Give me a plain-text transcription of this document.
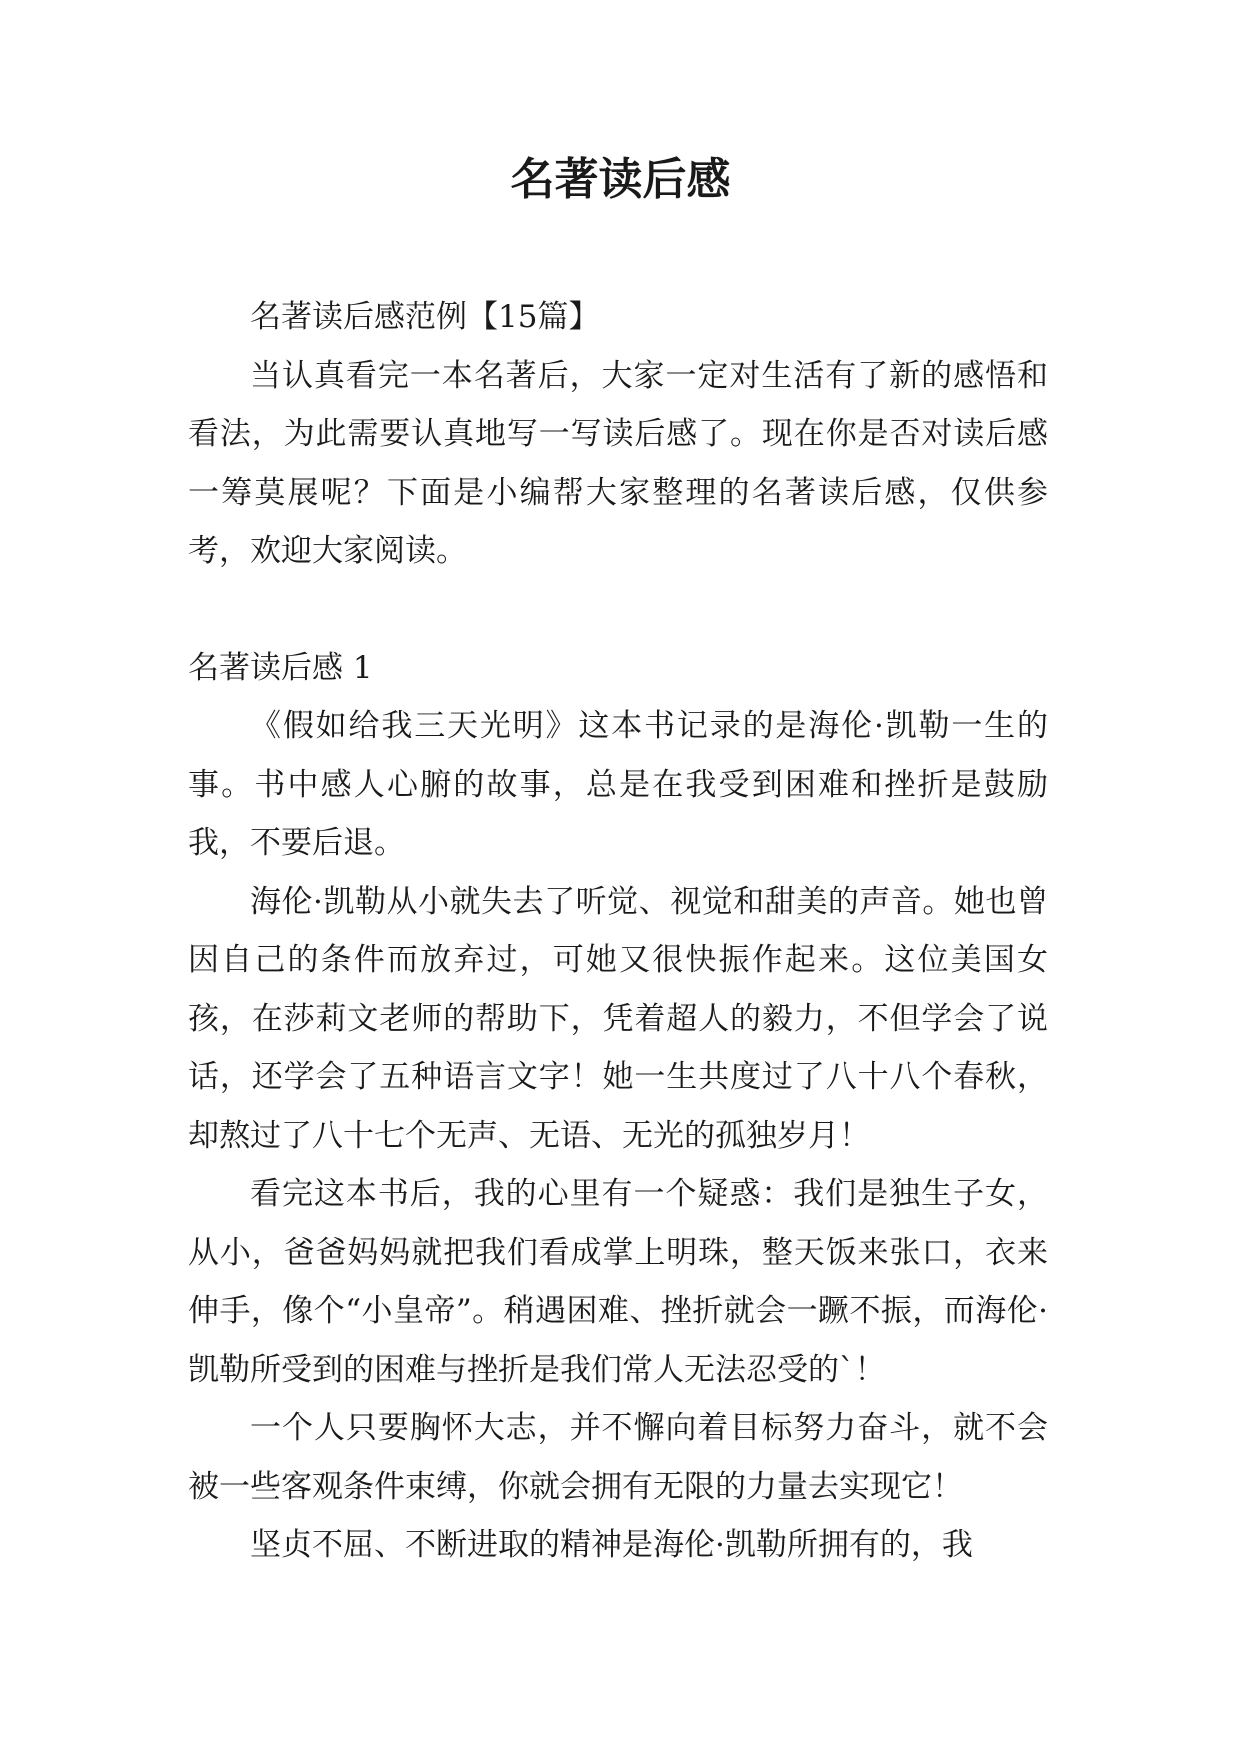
名著读后感

名著读后感范例【15篇】

当认真看完一本名著后，大家一定对生活有了新的感悟和看法，为此需要认真地写一写读后感了。现在你是否对读后感一筹莫展呢？下面是小编帮大家整理的名著读后感，仅供参考，欢迎大家阅读。

名著读后感 1

《假如给我三天光明》这本书记录的是海伦·凯勒一生的事。书中感人心腑的故事，总是在我受到困难和挫折是鼓励我，不要后退。

海伦·凯勒从小就失去了听觉、视觉和甜美的声音。她也曾因自己的条件而放弃过，可她又很快振作起来。这位美国女孩，在莎莉文老师的帮助下，凭着超人的毅力，不但学会了说话，还学会了五种语言文字！她一生共度过了八十八个春秋，却熬过了八十七个无声、无语、无光的孤独岁月！

看完这本书后，我的心里有一个疑惑：我们是独生子女，从小，爸爸妈妈就把我们看成掌上明珠，整天饭来张口，衣来伸手，像个“小皇帝”。稍遇困难、挫折就会一蹶不振，而海伦·凯勒所受到的困难与挫折是我们常人无法忍受的`！

一个人只要胸怀大志，并不懈向着目标努力奋斗，就不会被一些客观条件束缚，你就会拥有无限的力量去实现它！

坚贞不屈、不断进取的精神是海伦·凯勒所拥有的，我
